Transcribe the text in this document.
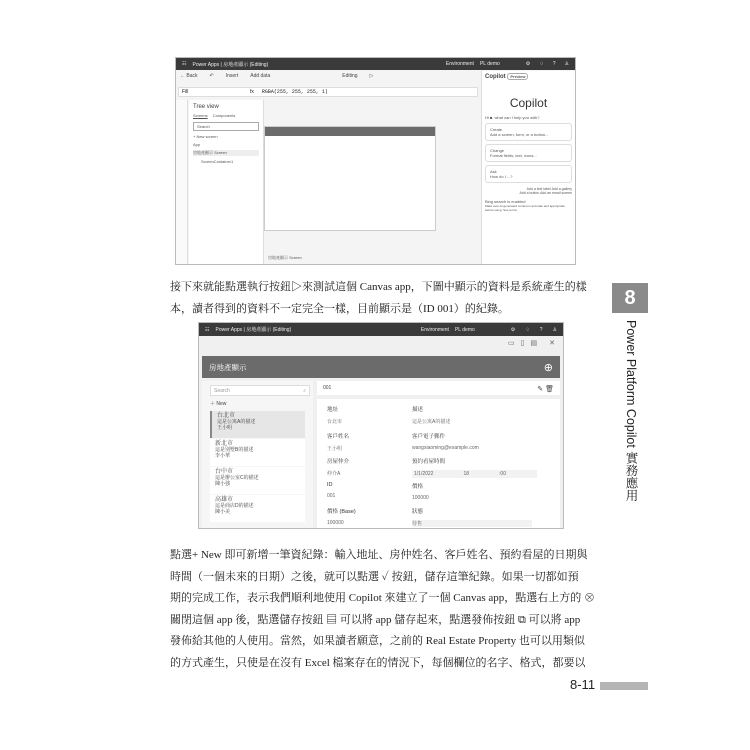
☷ Power Apps | 房地產顯示 (Editing)	Environment PL demo	⚙ ♢ ? ♙
← Back ↶ Insert Add data	Editing ▷
Fill	fx RGBA(255, 255, 255, 1)
Tree view
Screens Components
Search
+ New screen
App
房地產顯示 Screen
ScreenContainer1
房地產顯示 Screen
Copilot Preview
Copilot
Hi ■, what can I help you with?
Create
Add a screen, form, or a button...
Change
Format fields, text, icons...
Ask
How do I ...?
Add a text label Add a gallery
Add a button Add an email screen
Bing search is enabled
Make sure AI-generated content is accurate and appropriate before using. See terms
接下來就能點選執行按鈕▷來測試這個 Canvas app，下圖中顯示的資料是系統產生的樣
本，讀者得到的資料不一定完全一樣，目前顯示是（ID 001）的紀錄。	8
Power Platform Copilot 實務應用
☷ Power Apps | 房地產顯示 (Editing)	Environment PL demo	⚙ ♢ ? ♙
▭ ▯ ▤ ✕
房地產顯示	⊕
Search	⌕
＋ New
台北市
這是公寓A的描述
王小明
新北市
這是別墅B的描述
李小華
台中市
這是辦公室C的描述
陳小強
高雄市
這是商店D的描述
陳小美
001	✎ 🗑
地址
台北市
描述
這是公寓A的描述
客戶姓名
王小明
客戶電子郵件
wangxiaoming@example.com
房屋仲介
仲介A
預約看屋時間
1/1/2022	18	:00
ID
001
價格
100000
價格 (Base)
100000
狀態
待售
點選+ New 即可新增一筆資紀錄：輸入地址、房仲姓名、客戶姓名、預約看屋的日期與
時間（一個未來的日期）之後，就可以點選 ✓ 按鈕，儲存這筆紀錄。如果一切都如預
期的完成工作，表示我們順利地使用 Copilot 來建立了一個 Canvas app，點選右上方的 ⊗
關閉這個 app 後，點選儲存按鈕 ▤ 可以將 app 儲存起來，點選發佈按鈕 ⧉ 可以將 app
發佈給其他的人使用。當然，如果讀者願意，之前的 Real Estate Property 也可以用類似
的方式產生，只使是在沒有 Excel 檔案存在的情況下，每個欄位的名字、格式，都要以
8-11
